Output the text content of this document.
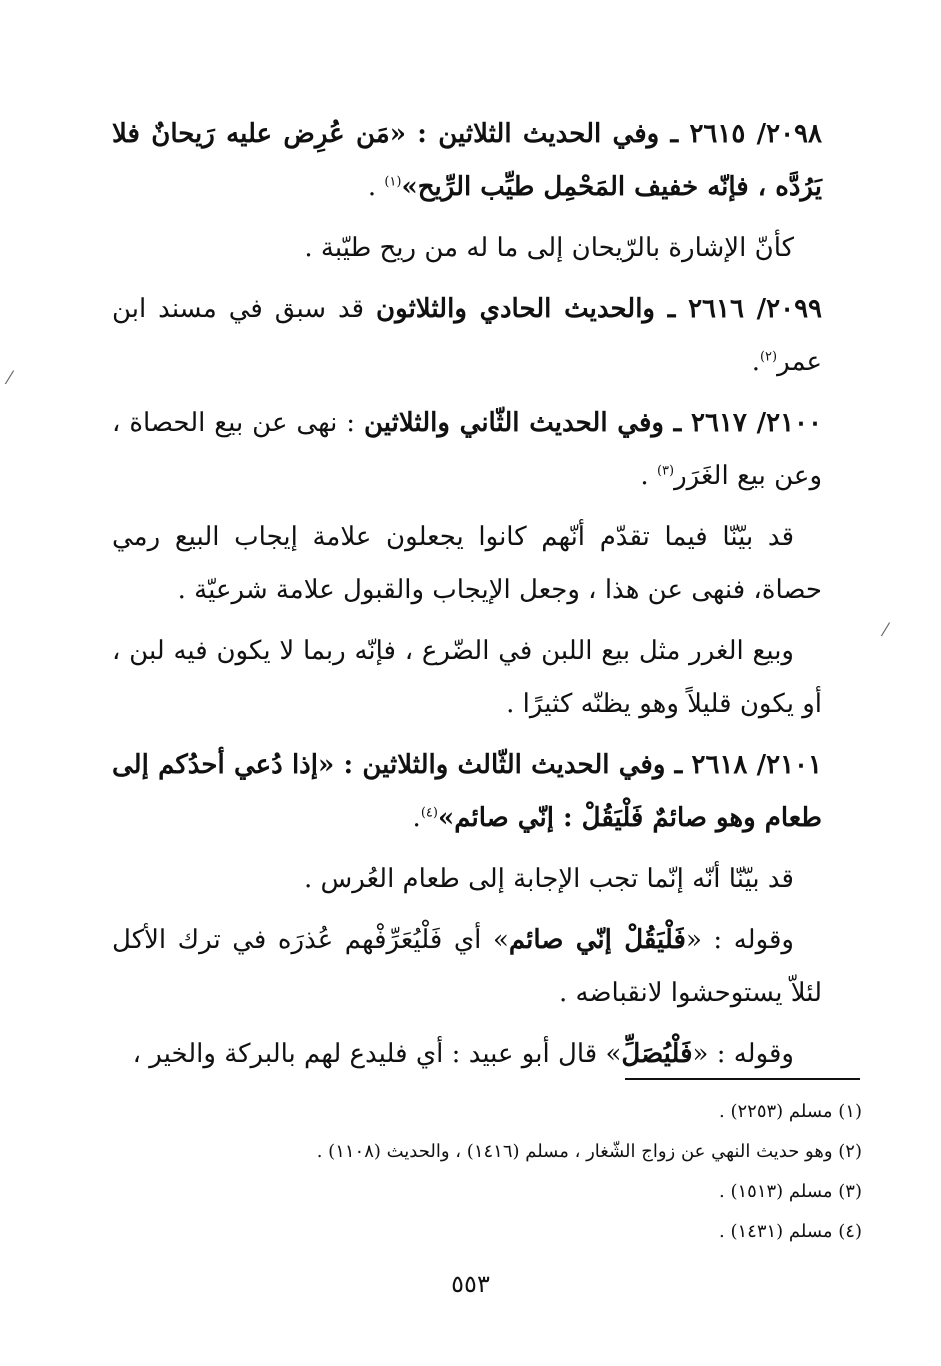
٢٠٩٨/ ٢٦١٥ ـ وفي الحديث الثلاثين : «مَن عُرِض عليه رَيحانٌ فلا يَرُدَّه ، فإنّه خفيف المَحْمِل طيِّب الرِّيح»$^{(١)}$ .

كأنّ الإشارة بالرّيحان إلى ما له من ريح طيّبة .

٢٠٩٩/ ٢٦١٦ ـ والحديث الحادي والثلاثون قد سبق في مسند ابن عمر$^{(٢)}$.

٢١٠٠/ ٢٦١٧ ـ وفي الحديث الثّاني والثلاثين : نهى عن بيع الحصاة ، وعن بيع الغَرَر$^{(٣)}$ .

قد بيّنّا فيما تقدّم أنّهم كانوا يجعلون علامة إيجاب البيع رمي حصاة، فنهى عن هذا ، وجعل الإيجاب والقبول علامة شرعيّة .

وبيع الغرر مثل بيع اللبن في الضّرع ، فإنّه ربما لا يكون فيه لبن ، أو يكون قليلاً وهو يظنّه كثيرًا .

٢١٠١/ ٢٦١٨ ـ وفي الحديث الثّالث والثلاثين : «إذا دُعي أحدُكم إلى طعام وهو صائمٌ فَلْيَقُلْ : إنّي صائم»$^{(٤)}$.

قد بيّنّا أنّه إنّما تجب الإجابة إلى طعام العُرس .

وقوله : «فَلْيَقُلْ إنّي صائم» أي فَلْيُعَرِّفْهم عُذرَه في ترك الأكل لئلاّ يستوحشوا لانقباضه .

وقوله : «فَلْيُصَلِّ» قال أبو عبيد : أي فليدع لهم بالبركة والخير ،

(١) مسلم (٢٢٥٣) .

(٢) وهو حديث النهي عن زواج الشّغار ، مسلم (١٤١٦) ، والحديث (١١٠٨) .

(٣) مسلم (١٥١٣) .

(٤) مسلم (١٤٣١) .

٥٥٣
⁄
⁄
